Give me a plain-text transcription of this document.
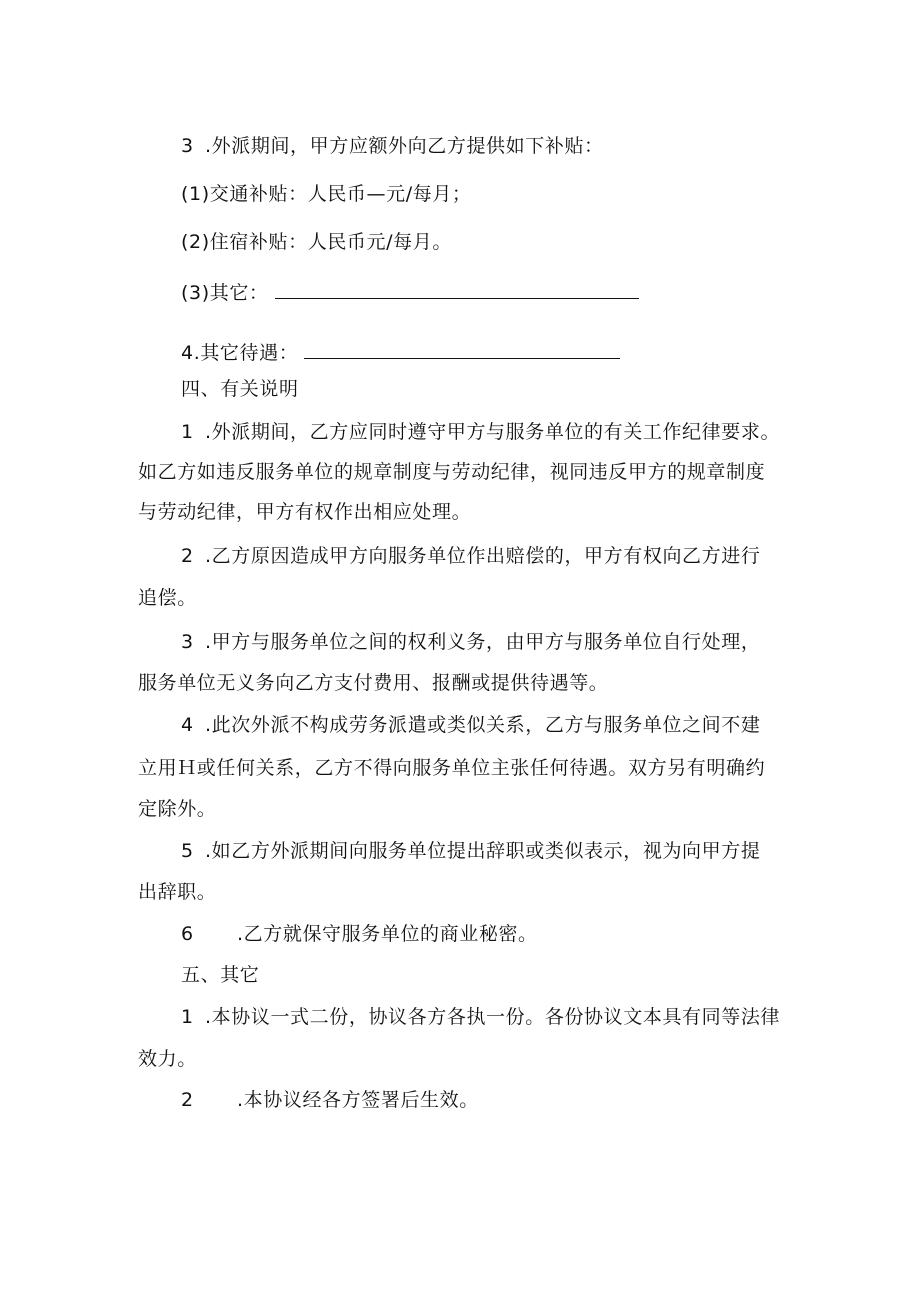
3 .外派期间，甲方应额外向乙方提供如下补贴：
(1)交通补贴：人民币—元/每月；
(2)住宿补贴：人民币元/每月。
(3)其它：
4.其它待遇：
四、有关说明
1 .外派期间，乙方应同时遵守甲方与服务单位的有关工作纪律要求。
如乙方如违反服务单位的规章制度与劳动纪律，视同违反甲方的规章制度
与劳动纪律，甲方有权作出相应处理。
2 .乙方原因造成甲方向服务单位作出赔偿的，甲方有权向乙方进行
追偿。
3 .甲方与服务单位之间的权利义务，由甲方与服务单位自行处理，
服务单位无义务向乙方支付费用、报酬或提供待遇等。
4 .此次外派不构成劳务派遣或类似关系，乙方与服务单位之间不建
立用Ｈ或任何关系，乙方不得向服务单位主张任何待遇。双方另有明确约
定除外。
5 .如乙方外派期间向服务单位提出辞职或类似表示，视为向甲方提
出辞职。
6 .乙方就保守服务单位的商业秘密。
五、其它
1 .本协议一式二份，协议各方各执一份。各份协议文本具有同等法律
效力。
2 .本协议经各方签署后生效。
